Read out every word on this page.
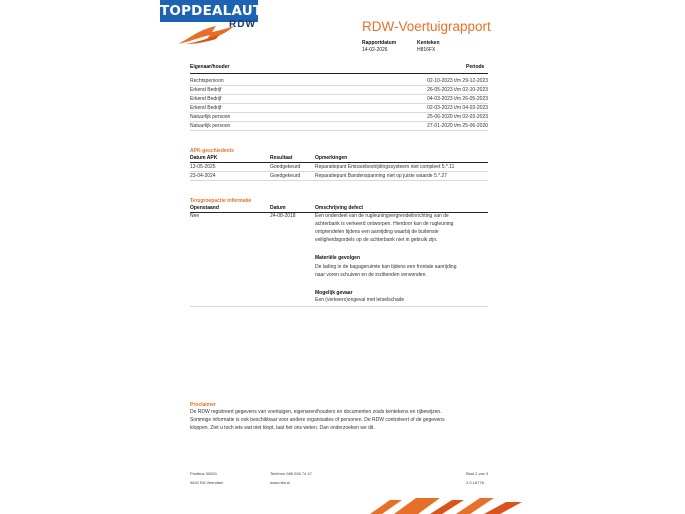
TOPDEALAUTO.NL
RDW	RDW-Voertuigrapport
Rapportdatum
14-02-2026
Kenteken
H816FX
Eigenaar/houder	Periode
Rechtspersoon	02-10-2023 t/m 29-12-2023
Erkend Bedrijf	26-05-2023 t/m 02-10-2023
Erkend Bedrijf	04-03-2023 t/m 26-05-2023
Erkend Bedrijf	02-03-2023 t/m 04-03-2023
Natuurlijk persoon	25-06-2020 t/m 02-03-2023
Natuurlijk persoon	27-01-2020 t/m 25-06-2020
APK-geschiedenis
Datum APK	Resultaat	Opmerkingen
13-05-2025	Goedgekeurd	Reparatiepunt Emissiebestrijdingssysteem niet compleet 5.*.11
23-04-2024	Goedgekeurd	Reparatiepunt Bandenspanning niet op juiste waarde 5.*.27
Terugroepactie informatie
Openstaand	Datum	Omschrijving defect
Nee	24-08-2018	Een onderdeel van de rugleuningvergrendelinrichting van de
achterbank is verkeerd ontworpen. Hierdoor kan de rugleuning
ontgrendelen tijdens een aanrijding waarbij de buitenste
veiligheidsgordels op de achterbank niet in gebruik zijn.
Materiële gevolgen
De lading in de bagageruimte kan tijdens een frontale aanrijding
naar voren schuiven en de inzittenden verwonden.
Mogelijk gevaar
Een (verkeers)ongeval met letselschade
Proclaimer
De RDW registreert gegevens van voertuigen, eigenaren/houders en documenten zoals kentekens en rijbewijzen.
Sommige informatie is ook beschikbaar voor andere organisaties of personen. De RDW controleert of de gegevens
kloppen. Ziet u toch iets wat niet klopt, laat het ons weten. Dan onderzoeken we dit.
Postbus 30000
9640 RA Veendam
Telefoon 088 008 74 47
www.rdw.nl
Blad 2 van 3
2.0.18778
